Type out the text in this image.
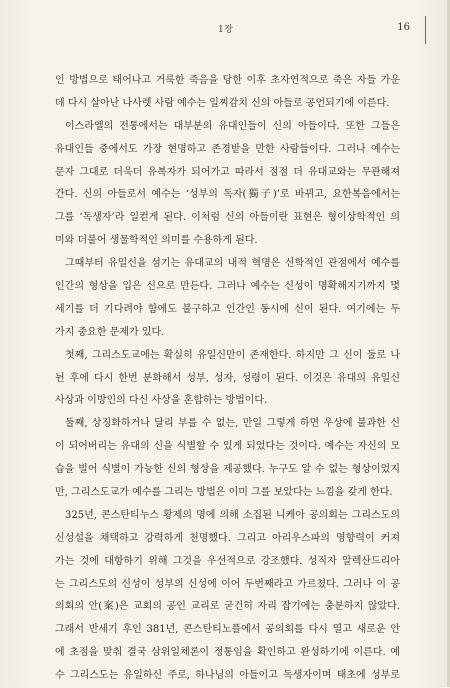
1장	16
인 방법으로 태어나고 거룩한 죽음을 당한 이후 초자연적으로 죽은 자들 가운
데 다시 살아난 나사렛 사람 예수는 일찌감치 신의 아들로 공언되기에 이른다.
이스라엘의 전통에서는 대부분의 유대인들이 신의 아들이다. 또한 그들은
유대인들 중에서도 가장 현명하고 존경받을 만한 사람들이다. 그러나 예수는
문자 그대로 더욱더 유복자가 되어가고 따라서 점점 더 유대교와는 무관해져
간다. 신의 아들로서 예수는 ‘성부의 독자(獨子)’로 바뀌고, 요한복음에서는
그를 ‘독생자’라 일컫게 된다. 이처럼 신의 아들이란 표현은 형이상학적인 의
미와 더불어 생물학적인 의미를 수용하게 된다.
그때부터 유일신을 섬기는 유대교의 내적 혁명은 신학적인 관점에서 예수를
인간의 형상을 입은 신으로 만든다. 그러나 예수는 신성이 명확해지기까지 몇
세기를 더 기다려야 함에도 불구하고 인간인 동시에 신이 된다. 여기에는 두
가지 중요한 문제가 있다.
첫째, 그리스도교에는 확실히 유일신만이 존재한다. 하지만 그 신이 둘로 나
뉜 후에 다시 한번 분화해서 성부, 성자, 성령이 된다. 이것은 유대의 유일신
사상과 이방인의 다신 사상을 혼합하는 방법이다.
둘째, 상징화하거나 달리 부를 수 없는, 만일 그렇게 하면 우상에 불과한 신
이 되어버리는 유대의 신을 식별할 수 있게 되었다는 것이다. 예수는 자신의 모
습을 빌어 식별이 가능한 신의 형상을 제공했다. 누구도 알 수 없는 형상이었지
만, 그리스도교가 예수를 그리는 방법은 이미 그를 보았다는 느낌을 갖게 한다.
325년, 콘스탄티누스 황제의 명에 의해 소집된 니케아 공의회는 그리스도의
신성설을 채택하고 강력하게 천명했다. 그리고 아리우스파의 영향력이 커져
가는 것에 대항하기 위해 그것을 우선적으로 강조했다. 성직자 알렉산드리아
는 그리스도의 신성이 성부의 신성에 이어 두번째라고 가르쳤다. 그러나 이 공
의회의 안(案)은 교회의 공인 교리로 굳건히 자리 잡기에는 충분하지 않았다.
그래서 반세기 후인 381년, 콘스탄티노플에서 공의회를 다시 열고 새로운 안
에 초점을 맞춰 결국 삼위일체론이 정통임을 확인하고 완성하기에 이른다. 예
수 그리스도는 유일하신 주로, 하나님의 아들이고 독생자이며 태초에 성부로
